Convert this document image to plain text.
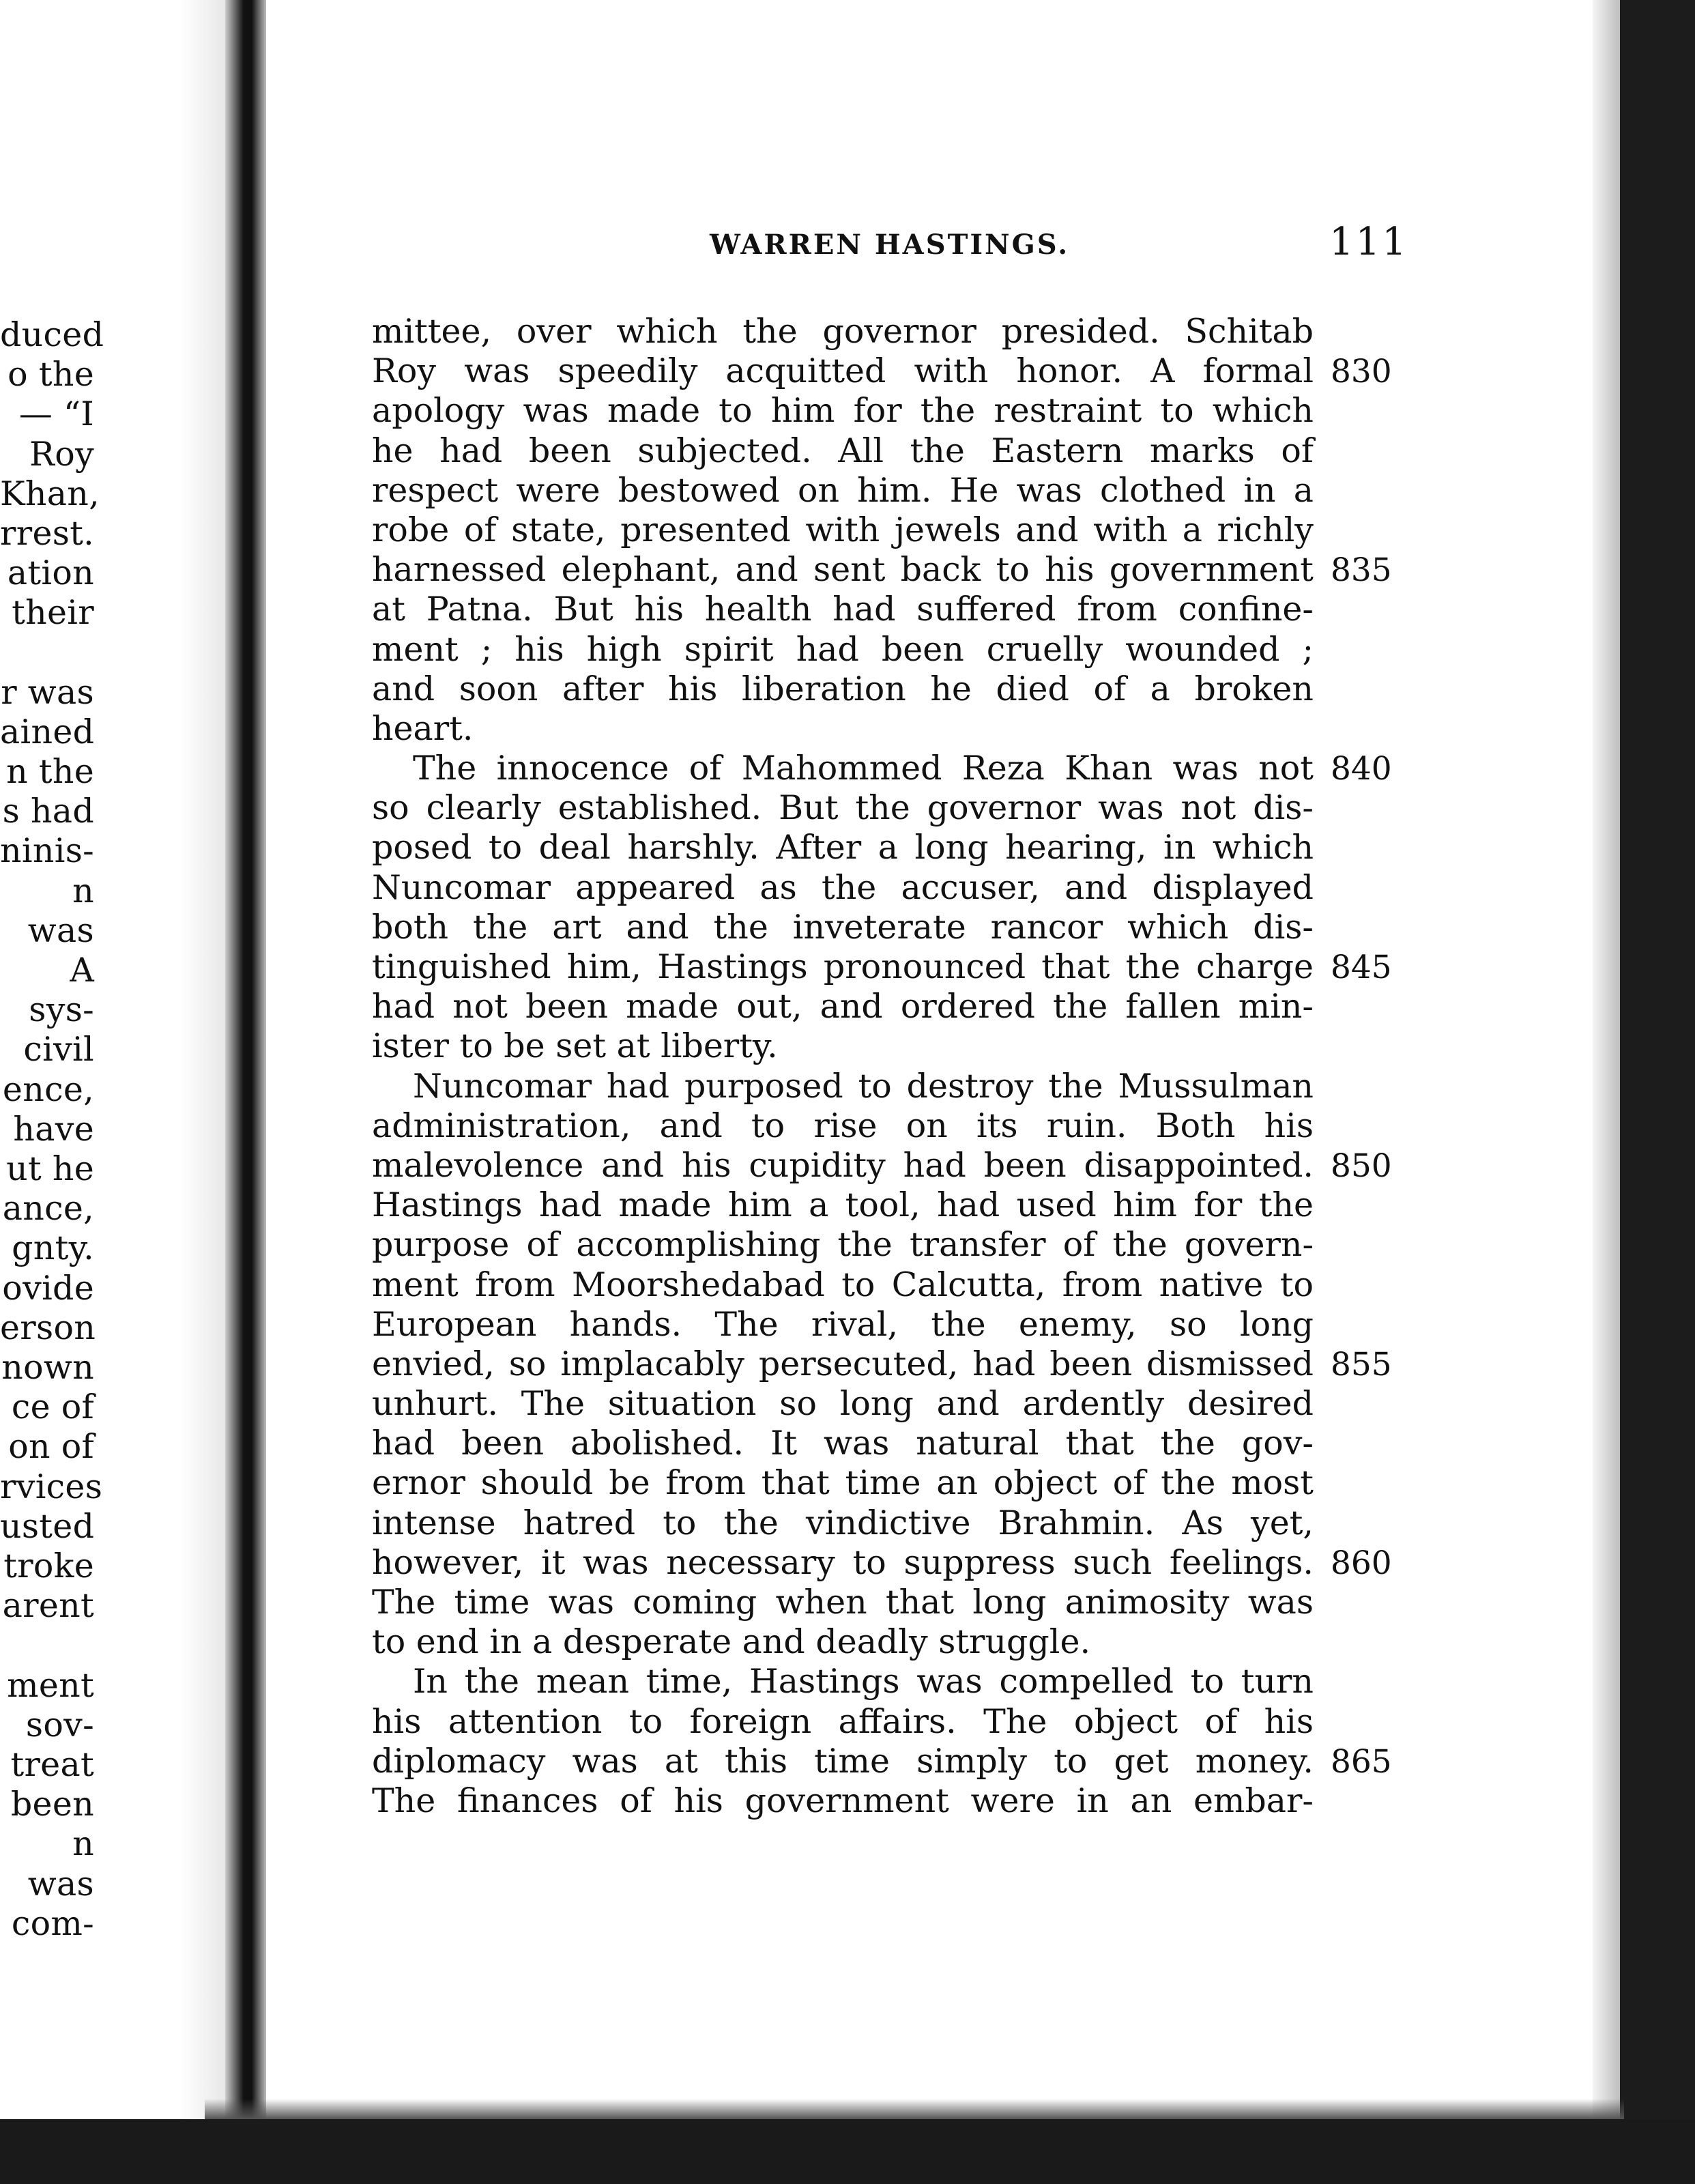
duced
o the
— “I
Roy
Khan,
rrest.
ation
their
r was
ained
n the
s had
ninis-
n was
A sys-
civil
ence,
have
ut he
ance,
gnty.
ovide
erson
nown
ce of
on of
rvices
usted
troke
arent
ment
sov-
treat
been
n was
com-
WARREN HASTINGS.	111
mittee, over which the governor presided. Schitab
Roy was speedily acquitted with honor. A formal
apology was made to him for the restraint to which
he had been subjected. All the Eastern marks of
respect were bestowed on him. He was clothed in a
robe of state, presented with jewels and with a richly
harnessed elephant, and sent back to his government
at Patna. But his health had suffered from confine-
ment ; his high spirit had been cruelly wounded ;
and soon after his liberation he died of a broken
heart.
The innocence of Mahommed Reza Khan was not
so clearly established. But the governor was not dis-
posed to deal harshly. After a long hearing, in which
Nuncomar appeared as the accuser, and displayed
both the art and the inveterate rancor which dis-
tinguished him, Hastings pronounced that the charge
had not been made out, and ordered the fallen min-
ister to be set at liberty.
Nuncomar had purposed to destroy the Mussulman
administration, and to rise on its ruin. Both his
malevolence and his cupidity had been disappointed.
Hastings had made him a tool, had used him for the
purpose of accomplishing the transfer of the govern-
ment from Moorshedabad to Calcutta, from native to
European hands. The rival, the enemy, so long
envied, so implacably persecuted, had been dismissed
unhurt. The situation so long and ardently desired
had been abolished. It was natural that the gov-
ernor should be from that time an object of the most
intense hatred to the vindictive Brahmin. As yet,
however, it was necessary to suppress such feelings.
The time was coming when that long animosity was
to end in a desperate and deadly struggle.
In the mean time, Hastings was compelled to turn
his attention to foreign affairs. The object of his
diplomacy was at this time simply to get money.
The finances of his government were in an embar-
830
835
840
845
850
855
860
865
